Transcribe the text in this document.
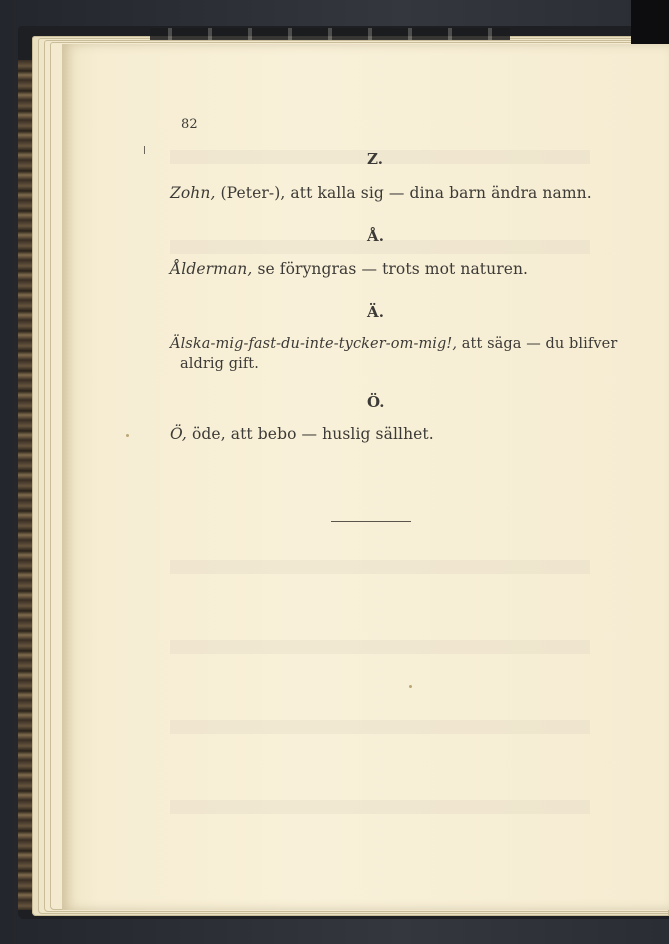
82
Z.
Zohn, (Peter-), att kalla sig — dina barn ändra namn.
Å.
Ålderman, se föryngras — trots mot naturen.
Ä.
Älska-mig-fast-du-inte-tycker-om-mig!, att säga — du blifver
aldrig gift.
Ö.
Ö, öde, att bebo — huslig sällhet.
